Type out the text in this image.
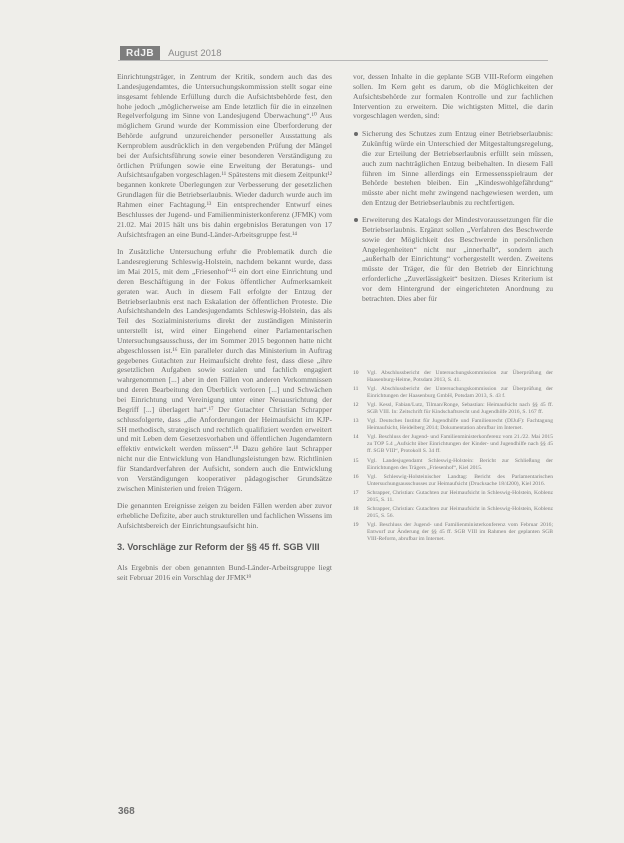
RdJB	August 2018

Einrichtungsträger, in Zentrum der Kritik, sondern auch das des Landesjugendamtes, die Untersuchungskommission stellt sogar eine insgesamt fehlende Erfüllung durch die Aufsichtsbehörde fest, den hohe jedoch „möglicherweise am Ende letztlich für die in einzelnen Regelverfolgung im Sinne von Landesjugend Überwachung“.¹⁰ Aus möglichem Grund wurde der Kommission eine Überforderung der Behörde aufgrund unzureichender personeller Ausstattung als Kernproblem ausdrücklich in den vergebenden Prüfung der Mängel bei der Aufsichtsführung sowie einer besonderen Verständigung zu örtlichen Prüfungen sowie eine Erweitung der Beratungs- und Aufsichtsaufgaben vorgeschlagen.¹¹ Spätestens mit diesem Zeitpunkt¹² begannen konkrete Überlegungen zur Verbesserung der gesetzlichen Grundlagen für die Betriebserlaubnis. Wieder dadurch wurde auch im Rahmen einer Fachtagung.¹³ Ein entsprechender Entwurf eines Beschlusses der Jugend- und Familienministerkonferenz (JFMK) vom 21.02. Mai 2015 hält uns bis dahin ergebnislos Beratungen von 17 Aufsichtsfragen an eine Bund-Länder-Arbeitsgruppe fest.¹⁴

In Zusätzliche Untersuchung erfuhr die Problematik durch die Landesregierung Schleswig-Holstein, nachdem bekannt wurde, dass im Mai 2015, mit dem „Friesenhof“¹⁵ ein dort eine Einrichtung und deren Beschäftigung in der Fokus öffentlicher Aufmerksamkeit geraten war. Auch in diesem Fall erfolgte der Entzug der Betriebserlaubnis erst nach Eskalation der öffentlichen Proteste. Die Aufsichtshandeln des Landesjugendamts Schleswig-Holstein, das als Teil des Sozialministeriums direkt der zuständigen Ministerin unterstellt ist, wird einer Eingehend einer Parlamentarischen Untersuchungsausschuss, der im Sommer 2015 begonnen hatte nicht abgeschlossen ist.¹⁶ Ein paralleler durch das Ministerium in Auftrag gegebenes Gutachten zur Heimaufsicht drehte fest, dass diese „ihre gesetzlichen Aufgaben sowie sozialen und fachlich engagiert wahrgenommen [...] aber in den Fällen von anderen Verkommnissen und deren Bearbeitung den Überblick verloren [...] und Schwächen bei Einrichtung und Vereinigung unter einer Neuausrichtung der Begriff [...] überlagert hat“.¹⁷ Der Gutachter Christian Schrapper schlussfolgerte, dass „die Anforderungen der Heimaufsicht im KJP-SH methodisch, strategisch und rechtlich qualifiziert werden erweitert und mit Leben dem Gesetzesvorhaben und öffentlichen Jugendamtern effektiv entwickelt werden müssen“.¹⁸ Dazu gehöre laut Schrapper nicht nur die Entwicklung von Handlungsleistungen bzw. Richtlinien für Standardverfahren der Aufsicht, sondern auch die Entwicklung von Verständigungen kooperativer pädagogischer Grundsätze zwischen Ministerien und freien Trägern.

Die genannten Ereignisse zeigen zu beiden Fällen werden aber zuvor erhebliche Defizite, aber auch strukturellen und fachlichen Wissens im Aufsichtsbereich der Einrichtungsaufsicht hin.

3. Vorschläge zur Reform der §§ 45 ff. SGB VIII

Als Ergebnis der oben genannten Bund-Länder-Arbeitsgruppe liegt seit Februar 2016 ein Vorschlag der JFMK¹⁹

vor, dessen Inhalte in die geplante SGB VIII-Reform eingehen sollen. Im Kern geht es darum, ob die Möglichkeiten der Aufsichtsbehörde zur formalen Kontrolle und zur fachlichen Intervention zu erweitern. Die wichtigsten Mittel, die darin vorgeschlagen werden, sind:

Sicherung des Schutzes zum Entzug einer Betriebserlaubnis: Zukünftig würde ein Unterschied der Mitgestaltungsregelung, die zur Erteilung der Betriebserlaubnis erfüllt sein müssen, auch zum nachträglichen Entzug beibehalten. In diesem Fall führen im Sinne allerdings ein Ermessensspielraum der Behörde bestehen bleiben. Ein „Kindeswohlgefährdung“ müsste aber nicht mehr zwingend nachgewiesen werden, um den Entzug der Betriebserlaubnis zu rechtfertigen.
Erweiterung des Katalogs der Mindestvoraussetzungen für die Betriebserlaubnis. Ergänzt sollen „Verfahren des Beschwerde sowie der Möglichkeit des Beschwerde in persönlichen Angelegenheiten“ nicht nur „innerhalb“, sondern auch „außerhalb der Einrichtung“ vorhergestellt werden. Zweitens müsste der Träger, die für den Betrieb der Einrichtung erforderliche „Zuverlässigkeit“ besitzen. Dieses Kriterium ist vor dem Hintergrund der eingerichteten Anordnung zu betrachten. Dies aber für
10	Vgl. Abschlussbericht der Untersuchungskommission zur Überprüfung der Haasenburg-Heime, Potsdam 2013, S. 41.
11	Vgl. Abschlussbericht der Untersuchungskommission zur Überprüfung der Einrichtungen der Haasenburg GmbH, Potsdam 2013, S. 43 f.
12	Vgl. Kessl, Fabian/Lutz, Tilman/Ronge, Sebastian: Heimaufsicht nach §§ 45 ff. SGB VIII. In: Zeitschrift für Kindschaftsrecht und Jugendhilfe 2016, S. 167 ff.
13	Vgl. Deutsches Institut für Jugendhilfe und Familienrecht (DIJuF): Fachtagung Heimaufsicht, Heidelberg 2014; Dokumentation abrufbar im Internet.
14	Vgl. Beschluss der Jugend- und Familienministerkonferenz vom 21./22. Mai 2015 zu TOP 5.4 „Aufsicht über Einrichtungen der Kinder- und Jugendhilfe nach §§ 45 ff. SGB VIII“, Protokoll S. 34 ff.
15	Vgl. Landesjugendamt Schleswig-Holstein: Bericht zur Schließung der Einrichtungen des Trägers „Friesenhof“, Kiel 2015.
16	Vgl. Schleswig-Holsteinischer Landtag: Bericht des Parlamentarischen Untersuchungsausschusses zur Heimaufsicht (Drucksache 18/4200), Kiel 2016.
17	Schrapper, Christian: Gutachten zur Heimaufsicht in Schleswig-Holstein, Koblenz 2015, S. 11.
18	Schrapper, Christian: Gutachten zur Heimaufsicht in Schleswig-Holstein, Koblenz 2015, S. 56.
19	Vgl. Beschluss der Jugend- und Familienministerkonferenz vom Februar 2016; Entwurf zur Änderung der §§ 45 ff. SGB VIII im Rahmen der geplanten SGB VIII-Reform, abrufbar im Internet.
368
